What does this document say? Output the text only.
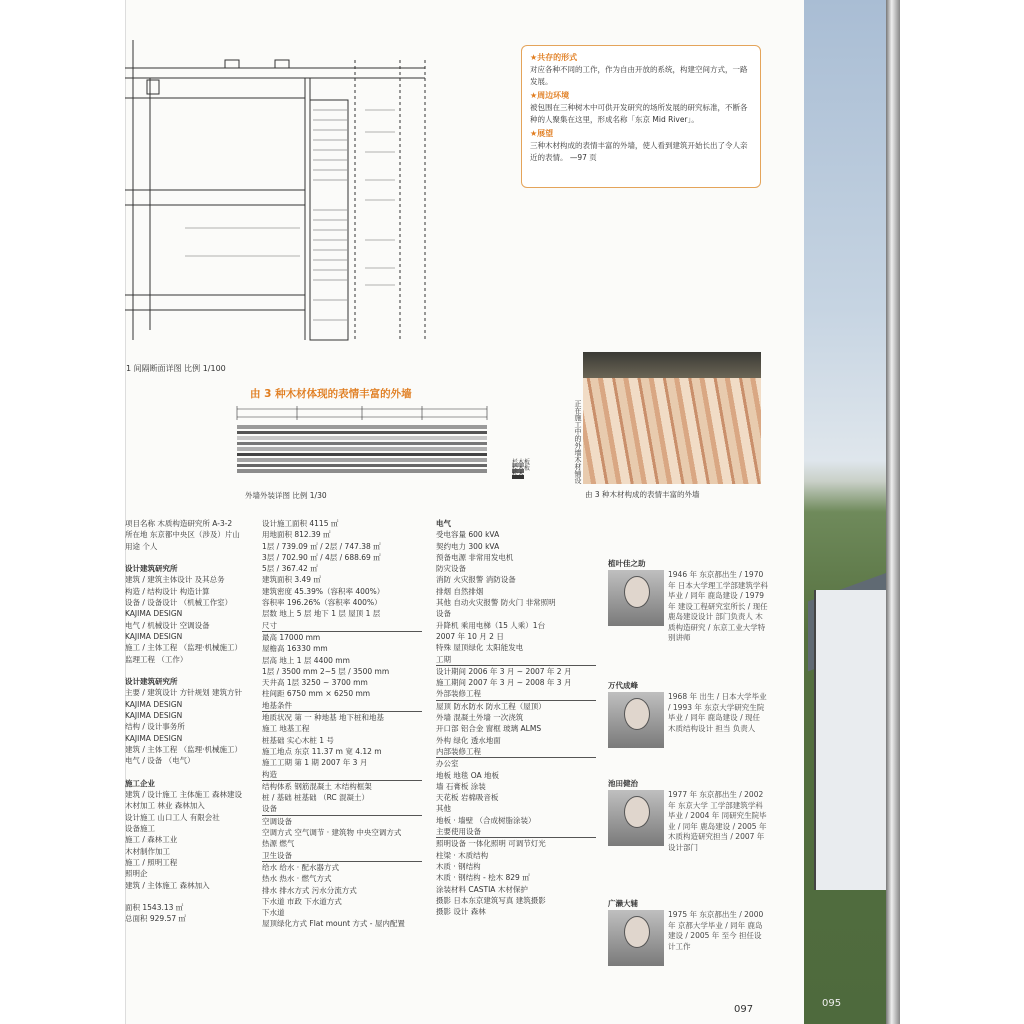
1 间隔断面详图 比例 1/100
★共存的形式

对应各种不同的工作，作为自由开放的系统，构建空间方式，一路发展。

★周边环境

被包围在三种树木中可供开发研究的场所发展的研究标准，不断各种的人聚集在这里，形成名称「东京 Mid River」。

★展望

三种木材构成的表情丰富的外墙，使人看到建筑开始长出了令人亲近的表情。 —97 页

由 3 种木材体现的表情丰富的外墙
杉木板
桧木板
松木
外墙外装详图 比例 1/30
正在施工中的外墙木材铺设
由 3 种木材构成的表情丰富的外墙
项目名称 木质构造研究所 A-3-2
所在地 东京都中央区（涉及）片山
用途 个人
设计建筑研究所
建筑 / 建筑主体设计 及其总务
构造 / 结构设计 构造计算
设备 / 设备设计 （机械工作室）
KAJIMA DESIGN
电气 / 机械设计 空调设备
KAJIMA DESIGN
施工 / 主体工程 （监理·机械施工）
监理工程 （工作）
设计建筑研究所
主要 / 建筑设计 方针规划 建筑方针
KAJIMA DESIGN
KAJIMA DESIGN
结构 / 设计事务所
KAJIMA DESIGN
建筑 / 主体工程 （监理·机械施工）
电气 / 设备 （电气）
施工企业
建筑 / 设计施工 主体施工 森林建设
木材加工 林业 森林加入
设计施工 山口工人 有限会社
设备施工
施工 / 森林工业
木材制作加工
施工 / 照明工程
照明企
建筑 / 主体施工 森林加入
面积 1543.13 ㎡
总面积 929.57 ㎡
设计施工面积 4115 ㎡
用地面积 812.39 ㎡
1层 / 739.09 ㎡ / 2层 / 747.38 ㎡
3层 / 702.90 ㎡ / 4层 / 688.69 ㎡
5层 / 367.42 ㎡
建筑面积 3.49 ㎡
建筑密度 45.39%（容积率 400%）
容积率 196.26%（容积率 400%）
层数 地上 5 层 地下 1 层 屋顶 1 层
尺寸
最高 17000 mm
屋檐高 16330 mm
层高 地上 1 层 4400 mm
1层 / 3500 mm 2~5 层 / 3500 mm
天井高 1层 3250 ~ 3700 mm
柱间距 6750 mm × 6250 mm
地基条件
地质状况 第 一 种地基 地下桩和地基
施工 地基工程
桩基础 实心木桩 1 号
施工地点 东京 11.37 m 宽 4.12 m
施工工期 第 1 期 2007 年 3 月
构造
结构体系 钢筋混凝土 木结构框架
桩 / 基础 桩基础 （RC 混凝土）
设备
空调设备
空调方式 空气调节 · 建筑物 中央空调方式
热源 燃气
卫生设备
给水 给水 · 配水器方式
热水 热水 · 燃气方式
排水 排水方式 污水分流方式
下水道 市政 下水道方式
下水道
屋顶绿化方式 Flat mount 方式 - 屋内配置
电气
受电容量 600 kVA
契约电力 300 kVA
预备电源 非常用发电机
防灾设备
消防 火灾报警 消防设备
排烟 自然排烟
其他 自动火灾报警 防火门 非常照明
设备
升降机 乘用电梯（15 人乘）1台
2007 年 10 月 2 日
特殊 屋顶绿化 太阳能发电
工期
设计期间 2006 年 3 月 ~ 2007 年 2 月
施工期间 2007 年 3 月 ~ 2008 年 3 月
外部装修工程
屋顶 防水防水 防水工程（屋顶）
外墙 混凝土外墙 一次浇筑
开口部 铝合金 窗框 玻璃 ALMS
外构 绿化 透水地面
内部装修工程
办公室
地板 地毯 OA 地板
墙 石膏板 涂装
天花板 岩棉吸音板
其他
地板 · 墙壁 （合成树脂涂装）
主要使用设备
照明设备 一体化照明 可调节灯光
柱梁 · 木质结构
木质 · 钢结构
木质 · 钢结构 - 桧木 829 ㎡
涂装材料 CASTIA 木材保护
摄影 日本东京建筑写真 建筑摄影
摄影 设计 森林
植叶佳之助
1946 年 东京都出生 / 1970 年 日本大学理工学部建筑学科毕业 / 同年 鹿岛建设 / 1979 年 建设工程研究室所长 / 现任 鹿岛建设设计 部门负责人 木质构造研究 / 东京工业大学特别讲师
万代成峰
1968 年 出生 / 日本大学毕业 / 1993 年 东京大学研究生院毕业 / 同年 鹿岛建设 / 现任 木质结构设计 担当 负责人
池田健治
1977 年 东京都出生 / 2002 年 东京大学 工学部建筑学科毕业 / 2004 年 同研究生院毕业 / 同年 鹿岛建设 / 2005 年 木质构造研究担当 / 2007 年 设计部门
广濑大辅
1975 年 东京都出生 / 2000 年 京都大学毕业 / 同年 鹿岛建设 / 2005 年 至今 担任设计工作
097
095
